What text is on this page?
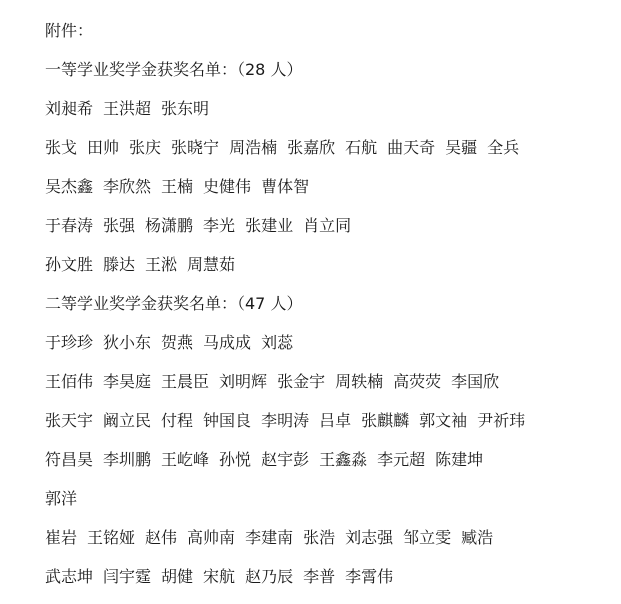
附件：
一等学业奖学金获奖名单：（28 人）
刘昶希 王洪超 张东明
张戈 田帅 张庆 张晓宁 周浩楠 张嘉欣 石航 曲天奇 吴疆 全兵
吴杰鑫 李欣然 王楠 史健伟 曹体智
于春涛 张强 杨潇鹏 李光 张建业 肖立同
孙文胜 滕达 王淞 周慧茹
二等学业奖学金获奖名单：（47 人）
于珍珍 狄小东 贺燕 马成成 刘蕊
王佰伟 李昊庭 王晨臣 刘明辉 张金宇 周轶楠 高荧荧 李国欣
张天宇 阚立民 付程 钟国良 李明涛 吕卓 张麒麟 郭文袖 尹祈玮
符昌昊 李圳鹏 王屹峰 孙悦 赵宇彭 王鑫淼 李元超 陈建坤
郭洋
崔岩 王铭娅 赵伟 高帅南 李建南 张浩 刘志强 邹立雯 臧浩
武志坤 闫宇霆 胡健 宋航 赵乃辰 李普 李霄伟
